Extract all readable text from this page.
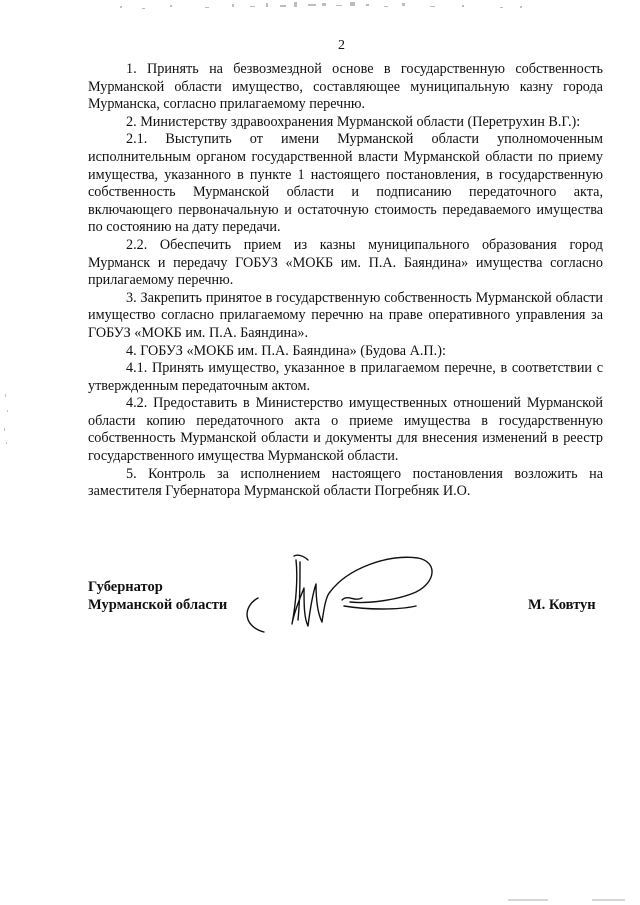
2

1. Принять на безвозмездной основе в государственную собственность Мурманской области имущество, составляющее муниципальную казну города Мурманска, согласно прилагаемому перечню.

2. Министерству здравоохранения Мурманской области (Перетрухин В.Г.):

2.1. Выступить от имени Мурманской области уполномоченным исполнительным органом государственной власти Мурманской области по приему имущества, указанного в пункте 1 настоящего постановления, в государственную собственность Мурманской области и подписанию передаточного акта, включающего первоначальную и остаточную стоимость передаваемого имущества по состоянию на дату передачи.

2.2. Обеспечить прием из казны муниципального образования город Мурманск и передачу ГОБУЗ «МОКБ им. П.А. Баяндина» имущества согласно прилагаемому перечню.

3. Закрепить принятое в государственную собственность Мурманской области имущество согласно прилагаемому перечню на праве оперативного управления за ГОБУЗ «МОКБ им. П.А. Баяндина».

4. ГОБУЗ «МОКБ им. П.А. Баяндина» (Будова А.П.):

4.1. Принять имущество, указанное в прилагаемом перечне, в соответствии с утвержденным передаточным актом.

4.2. Предоставить в Министерство имущественных отношений Мурманской области копию передаточного акта о приеме имущества в государственную собственность Мурманской области и документы для внесения изменений в реестр государственного имущества Мурманской области.

5. Контроль за исполнением настоящего постановления возложить на заместителя Губернатора Мурманской области Погребняк И.О.

Губернатор
Мурманской области	М. Ковтун
